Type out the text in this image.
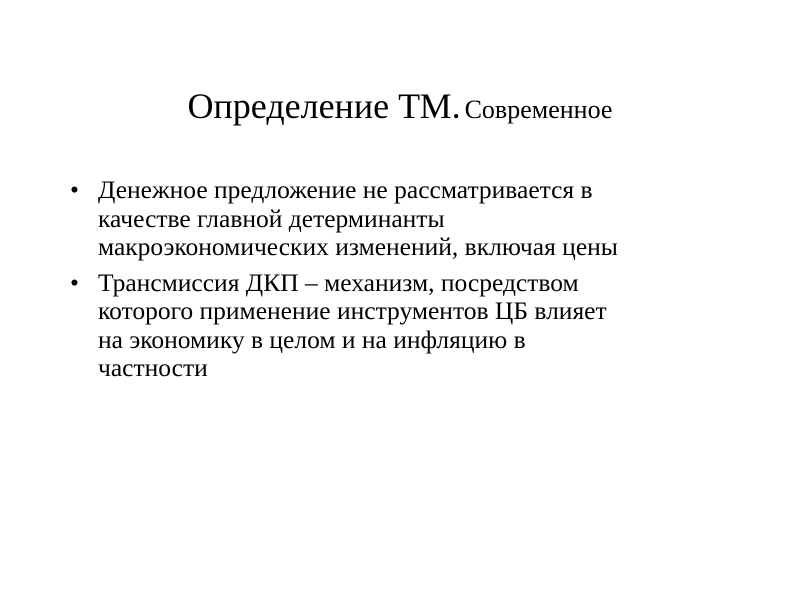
Определение ТМ. Современное
• Денежное предложение не рассматривается в
качестве главной детерминанты
макроэкономических изменений, включая цены
• Трансмиссия ДКП – механизм, посредством
которого применение инструментов ЦБ влияет
на экономику в целом и на инфляцию в
частности
